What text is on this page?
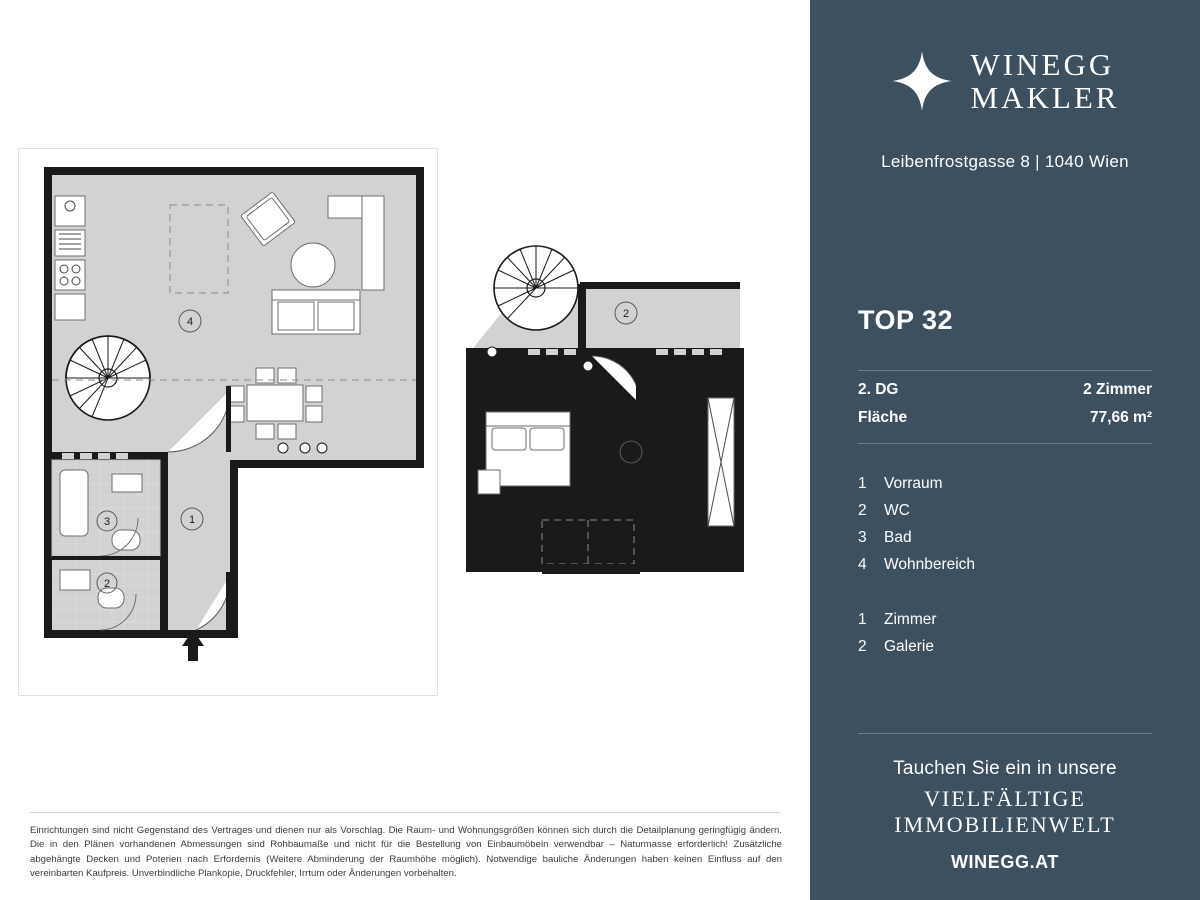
4
1
3
2
2
1
Einrichtungen sind nicht Gegenstand des Vertrages und dienen nur als Vorschlag. Die Raum- und Wohnungsgrößen können sich durch die Detailplanung geringfügig ändern. Die in den Plänen vorhandenen Abmessungen sind Rohbaumaße und nicht für die Bestellung von Einbaumöbeln verwendbar – Naturmasse erforderlich! Zusätzliche abgehängte Decken und Poterien nach Erfordernis (Weitere Abminderung der Raumhöhe möglich). Notwendige bauliche Änderungen haben keinen Einfluss auf den vereinbarten Kaufpreis. Unverbindliche Plankopie, Druckfehler, Irrtum oder Änderungen vorbehalten.
WINEGG
MAKLER
Leibenfrostgasse 8 | 1040 Wien
TOP 32
2. DG	2 Zimmer
Fläche	77,66 m²
1	Vorraum
2	WC
3	Bad
4	Wohnbereich
1	Zimmer
2	Galerie
Tauchen Sie ein in unsere
VIELFÄLTIGE
IMMOBILIENWELT
WINEGG.AT
